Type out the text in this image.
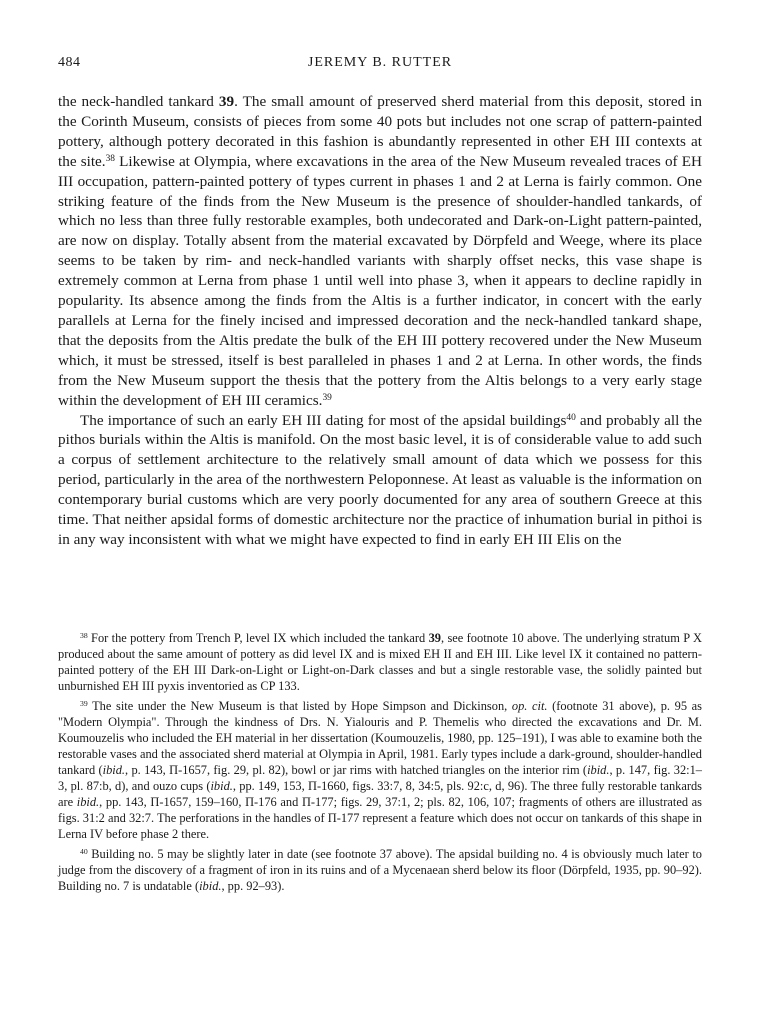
484	JEREMY B. RUTTER

the neck-handled tankard 39. The small amount of preserved sherd material from this deposit, stored in the Corinth Museum, consists of pieces from some 40 pots but includes not one scrap of pattern-painted pottery, although pottery decorated in this fashion is abundantly represented in other EH III contexts at the site.$^{38}$ Likewise at Olympia, where excavations in the area of the New Museum revealed traces of EH III occupation, pattern-painted pottery of types current in phases 1 and 2 at Lerna is fairly common. One striking feature of the finds from the New Museum is the presence of shoulder-handled tankards, of which no less than three fully restorable examples, both undecorated and Dark-on-Light pattern-painted, are now on display. Totally absent from the material excavated by Dörpfeld and Weege, where its place seems to be taken by rim- and neck-handled variants with sharply offset necks, this vase shape is extremely common at Lerna from phase 1 until well into phase 3, when it appears to decline rapidly in popularity. Its absence among the finds from the Altis is a further indicator, in concert with the early parallels at Lerna for the finely incised and impressed decoration and the neck-handled tankard shape, that the deposits from the Altis predate the bulk of the EH III pottery recovered under the New Museum which, it must be stressed, itself is best paralleled in phases 1 and 2 at Lerna. In other words, the finds from the New Museum support the thesis that the pottery from the Altis belongs to a very early stage within the development of EH III ceramics.$^{39}$

The importance of such an early EH III dating for most of the apsidal buildings$^{40}$ and probably all the pithos burials within the Altis is manifold. On the most basic level, it is of considerable value to add such a corpus of settlement architecture to the relatively small amount of data which we possess for this period, particularly in the area of the northwestern Peloponnese. At least as valuable is the information on contemporary burial customs which are very poorly documented for any area of southern Greece at this time. That neither apsidal forms of domestic architecture nor the practice of inhumation burial in pithoi is in any way inconsistent with what we might have expected to find in early EH III Elis on the

$^{38}$ For the pottery from Trench P, level IX which included the tankard 39, see footnote 10 above. The underlying stratum P X produced about the same amount of pottery as did level IX and is mixed EH II and EH III. Like level IX it contained no pattern-painted pottery of the EH III Dark-on-Light or Light-on-Dark classes and but a single restorable vase, the solidly painted but unburnished EH III pyxis inventoried as CP 133.

$^{39}$ The site under the New Museum is that listed by Hope Simpson and Dickinson, op. cit. (footnote 31 above), p. 95 as "Modern Olympia". Through the kindness of Drs. N. Yialouris and P. Themelis who directed the excavations and Dr. M. Koumouzelis who included the EH material in her dissertation (Koumouzelis, 1980, pp. 125–191), I was able to examine both the restorable vases and the associated sherd material at Olympia in April, 1981. Early types include a dark-ground, shoulder-handled tankard (ibid., p. 143, Π-1657, fig. 29, pl. 82), bowl or jar rims with hatched triangles on the interior rim (ibid., p. 147, fig. 32:1–3, pl. 87:b, d), and ouzo cups (ibid., pp. 149, 153, Π-1660, figs. 33:7, 8, 34:5, pls. 92:c, d, 96). The three fully restorable tankards are ibid., pp. 143, Π-1657, 159–160, Π-176 and Π-177; figs. 29, 37:1, 2; pls. 82, 106, 107; fragments of others are illustrated as figs. 31:2 and 32:7. The perforations in the handles of Π-177 represent a feature which does not occur on tankards of this shape in Lerna IV before phase 2 there.

$^{40}$ Building no. 5 may be slightly later in date (see footnote 37 above). The apsidal building no. 4 is obviously much later to judge from the discovery of a fragment of iron in its ruins and of a Mycenaean sherd below its floor (Dörpfeld, 1935, pp. 90–92). Building no. 7 is undatable (ibid., pp. 92–93).
